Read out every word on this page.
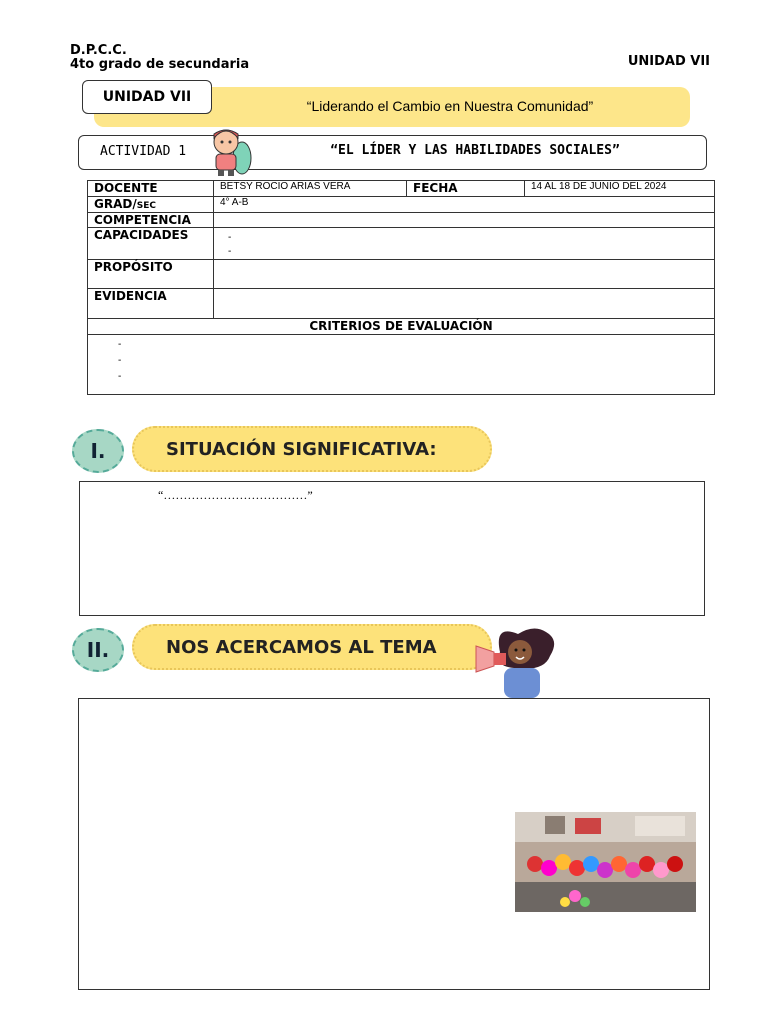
D.P.C.C.
4to grado de secundaria	UNIDAD VII
UNIDAD VII
“Liderando el Cambio en Nuestra Comunidad”
ACTIVIDAD 1	“EL LÍDER Y LAS HABILIDADES SOCIALES”
DOCENTE	BETSY ROCIO ARIAS VERA	FECHA	14 AL 18 DE JUNIO DEL 2024
GRAD/SEC	4° A-B		
COMPETENCIA			
CAPACIDADES	-
-		

PROPÓSITO			
EVIDENCIA			
CRITERIOS DE EVALUACIÓN			

-
-
-			
I.	SITUACIÓN SIGNIFICATIVA:
“………………………………”
II.	NOS ACERCAMOS AL TEMA
